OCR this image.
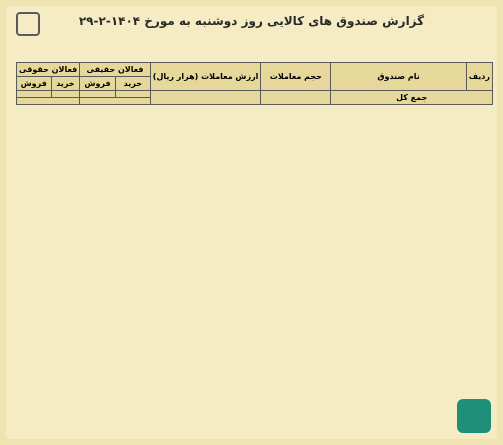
گزارش صندوق های کالایی روز دوشنبه به مورخ ۱۴۰۴-۲-۲۹
ردیف	نام صندوق	حجم معاملات	ارزش معاملات (هزار ریال)	فعالان حقیقی		فعالان حقوقی	
				خرید	فروش	خرید	فروش
جمع کل							
